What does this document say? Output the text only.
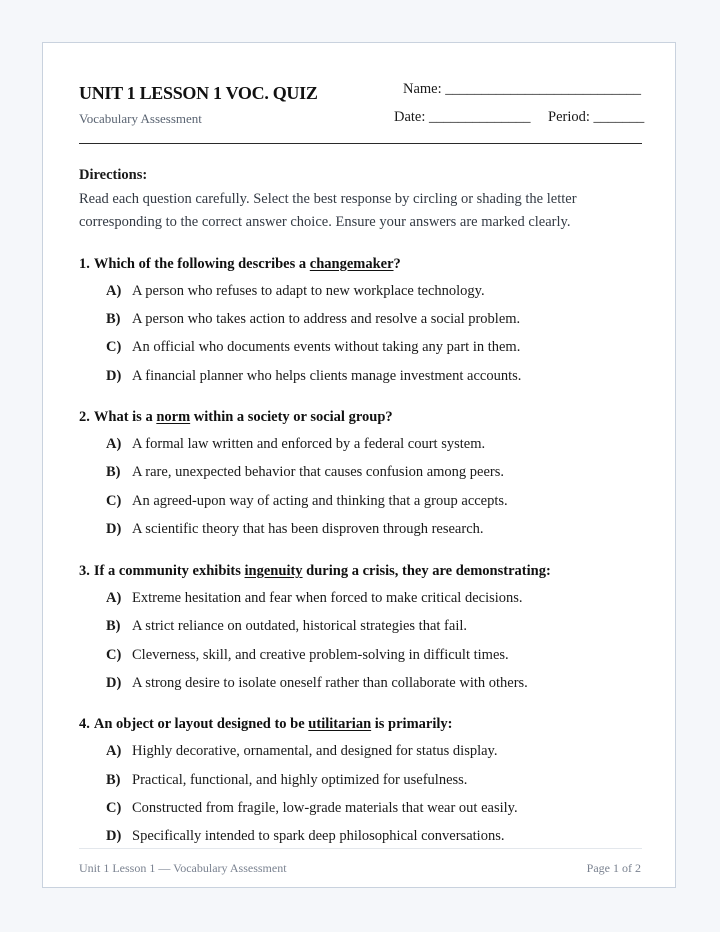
UNIT 1 LESSON 1 VOC. QUIZ
Vocabulary Assessment
Name: ___________________________
Date: ______________ Period: _______
Directions:
Read each question carefully. Select the best response by circling or shading the letter corresponding to the correct answer choice. Ensure your answers are marked clearly.
1. Which of the following describes a changemaker?
A) A person who refuses to adapt to new workplace technology.
B) A person who takes action to address and resolve a social problem.
C) An official who documents events without taking any part in them.
D) A financial planner who helps clients manage investment accounts.
2. What is a norm within a society or social group?
A) A formal law written and enforced by a federal court system.
B) A rare, unexpected behavior that causes confusion among peers.
C) An agreed-upon way of acting and thinking that a group accepts.
D) A scientific theory that has been disproven through research.
3. If a community exhibits ingenuity during a crisis, they are demonstrating:
A) Extreme hesitation and fear when forced to make critical decisions.
B) A strict reliance on outdated, historical strategies that fail.
C) Cleverness, skill, and creative problem-solving in difficult times.
D) A strong desire to isolate oneself rather than collaborate with others.
4. An object or layout designed to be utilitarian is primarily:
A) Highly decorative, ornamental, and designed for status display.
B) Practical, functional, and highly optimized for usefulness.
C) Constructed from fragile, low-grade materials that wear out easily.
D) Specifically intended to spark deep philosophical conversations.
Unit 1 Lesson 1 — Vocabulary Assessment	Page 1 of 2
